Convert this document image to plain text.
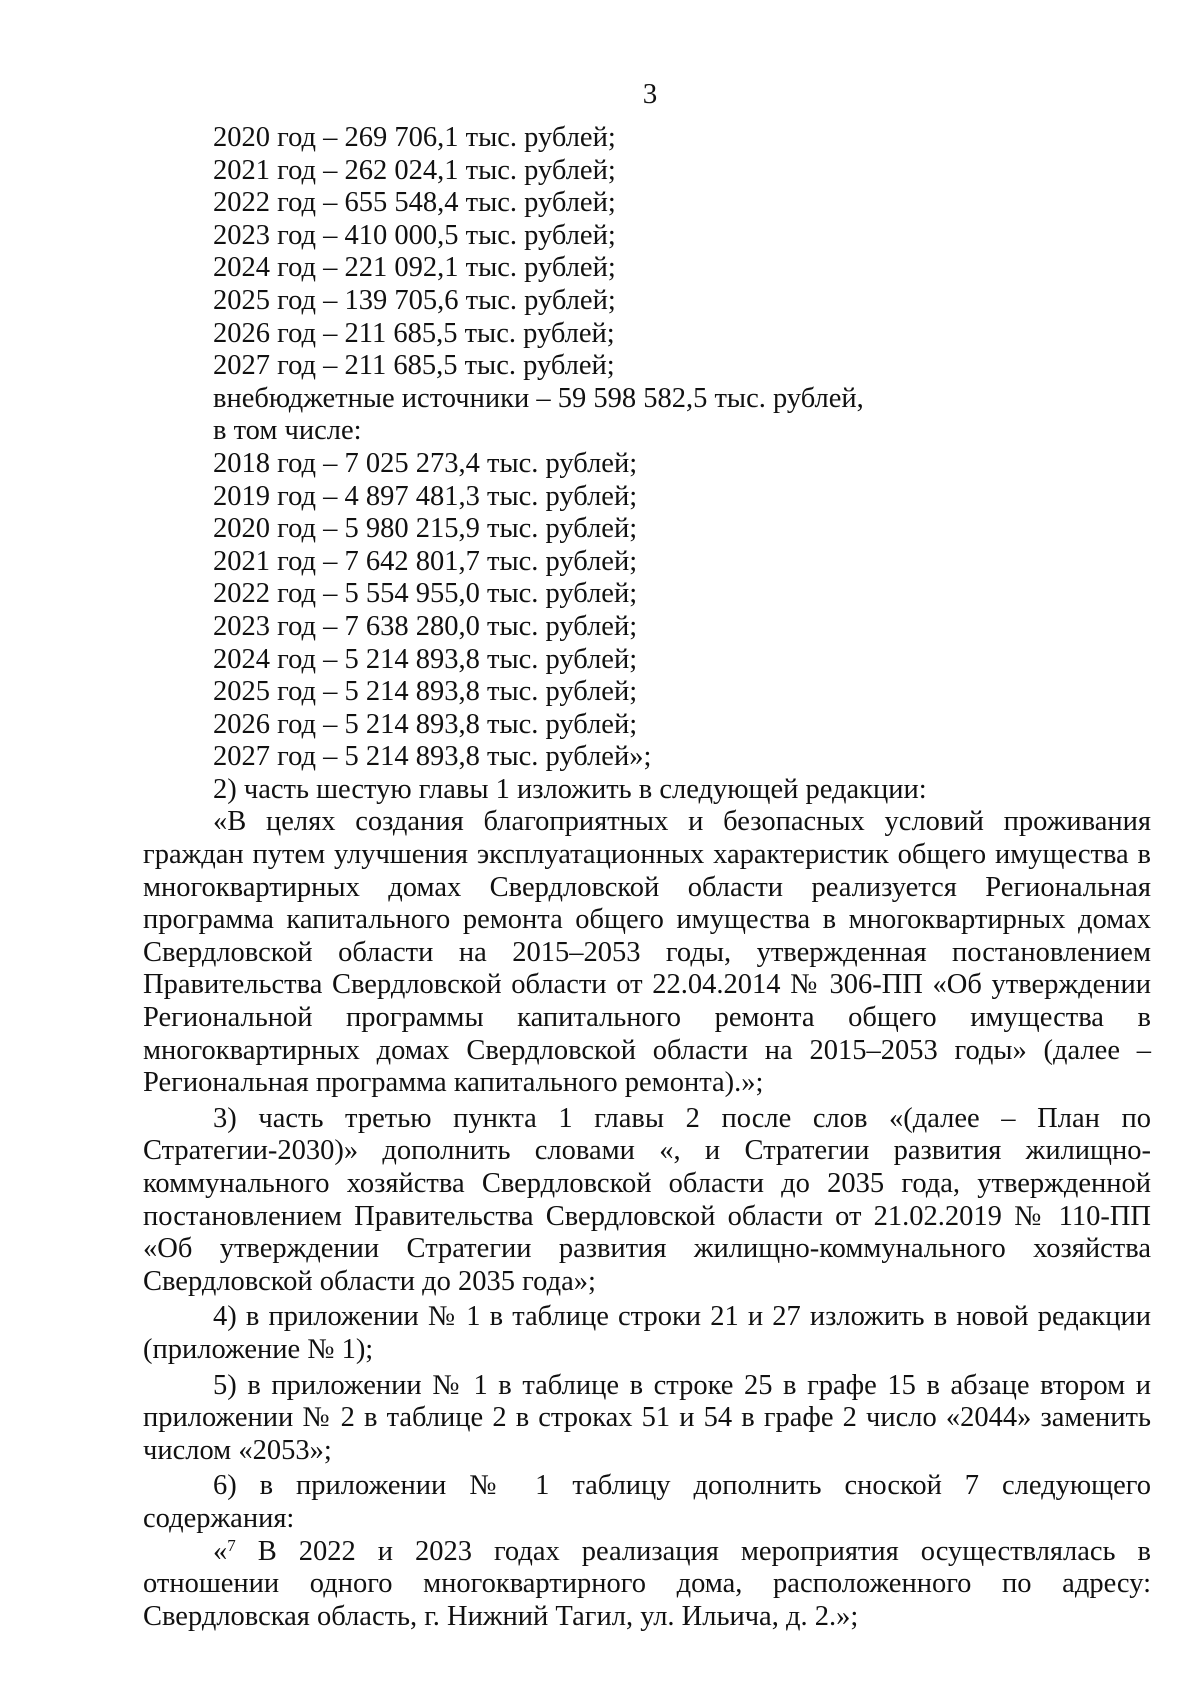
3
2020 год – 269 706,1 тыс. рублей;
2021 год – 262 024,1 тыс. рублей;
2022 год – 655 548,4 тыс. рублей;
2023 год – 410 000,5 тыс. рублей;
2024 год – 221 092,1 тыс. рублей;
2025 год – 139 705,6 тыс. рублей;
2026 год – 211 685,5 тыс. рублей;
2027 год – 211 685,5 тыс. рублей;
внебюджетные источники – 59 598 582,5 тыс. рублей,
в том числе:
2018 год – 7 025 273,4 тыс. рублей;
2019 год – 4 897 481,3 тыс. рублей;
2020 год – 5 980 215,9 тыс. рублей;
2021 год – 7 642 801,7 тыс. рублей;
2022 год – 5 554 955,0 тыс. рублей;
2023 год – 7 638 280,0 тыс. рублей;
2024 год – 5 214 893,8 тыс. рублей;
2025 год – 5 214 893,8 тыс. рублей;
2026 год – 5 214 893,8 тыс. рублей;
2027 год – 5 214 893,8 тыс. рублей»;
2) часть шестую главы 1 изложить в следующей редакции:
«В целях создания благоприятных и безопасных условий проживания граждан путем улучшения эксплуатационных характеристик общего имущества в многоквартирных домах Свердловской области реализуется Региональная программа капитального ремонта общего имущества в многоквартирных домах Свердловской области на 2015–2053 годы, утвержденная постановлением Правительства Свердловской области от 22.04.2014 № 306-ПП «Об утверждении Региональной программы капитального ремонта общего имущества в многоквартирных домах Свердловской области на 2015–2053 годы» (далее – Региональная программа капитального ремонта).»;
3) часть третью пункта 1 главы 2 после слов «(далее – План по Стратегии-2030)» дополнить словами «, и Стратегии развития жилищно-коммунального хозяйства Свердловской области до 2035 года, утвержденной постановлением Правительства Свердловской области от 21.02.2019 № 110-ПП «Об утверждении Стратегии развития жилищно-коммунального хозяйства Свердловской области до 2035 года»;
4) в приложении № 1 в таблице строки 21 и 27 изложить в новой редакции (приложение № 1);
5) в приложении № 1 в таблице в строке 25 в графе 15 в абзаце втором и приложении № 2 в таблице 2 в строках 51 и 54 в графе 2 число «2044» заменить числом «2053»;
6) в приложении № 1 таблицу дополнить сноской 7 следующего содержания:
«$^7$ В 2022 и 2023 годах реализация мероприятия осуществлялась в отношении одного многоквартирного дома, расположенного по адресу: Свердловская область, г. Нижний Тагил, ул. Ильича, д. 2.»;
